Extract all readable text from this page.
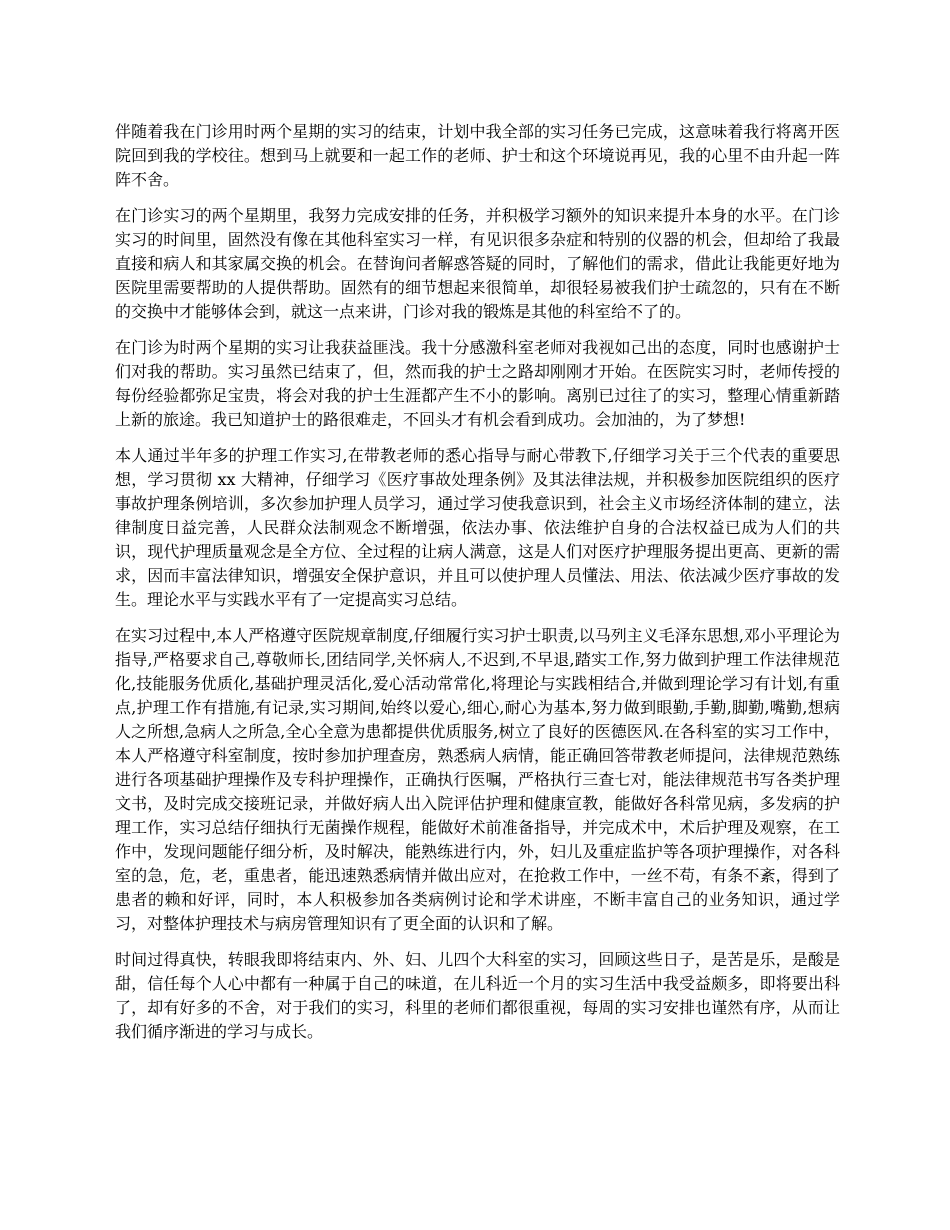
伴随着我在门诊用时两个星期的实习的结束，计划中我全部的实习任务已完成，这意味着我行将离开医院回到我的学校往。想到马上就要和一起工作的老师、护士和这个环境说再见，我的心里不由升起一阵阵不舍。

在门诊实习的两个星期里，我努力完成安排的任务，并积极学习额外的知识来提升本身的水平。在门诊实习的时间里，固然没有像在其他科室实习一样，有见识很多杂症和特别的仪器的机会，但却给了我最直接和病人和其家属交换的机会。在替询问者解惑答疑的同时，了解他们的需求，借此让我能更好地为医院里需要帮助的人提供帮助。固然有的细节想起来很简单，却很轻易被我们护士疏忽的，只有在不断的交换中才能够体会到，就这一点来讲，门诊对我的锻炼是其他的科室给不了的。

在门诊为时两个星期的实习让我获益匪浅。我十分感激科室老师对我视如己出的态度，同时也感谢护士们对我的帮助。实习虽然已结束了，但，然而我的护士之路却刚刚才开始。在医院实习时，老师传授的每份经验都弥足宝贵，将会对我的护士生涯都产生不小的影响。离别已过往了的实习，整理心情重新踏上新的旅途。我已知道护士的路很难走，不回头才有机会看到成功。会加油的，为了梦想!

本人通过半年多的护理工作实习,在带教老师的悉心指导与耐心带教下,仔细学习关于三个代表的重要思想，学习贯彻 xx 大精神，仔细学习《医疗事故处理条例》及其法律法规，并积极参加医院组织的医疗事故护理条例培训，多次参加护理人员学习，通过学习使我意识到，社会主义市场经济体制的建立，法律制度日益完善，人民群众法制观念不断增强，依法办事、依法维护自身的合法权益已成为人们的共识，现代护理质量观念是全方位、全过程的让病人满意，这是人们对医疗护理服务提出更高、更新的需求，因而丰富法律知识，增强安全保护意识，并且可以使护理人员懂法、用法、依法减少医疗事故的发生。理论水平与实践水平有了一定提高实习总结。

在实习过程中,本人严格遵守医院规章制度,仔细履行实习护士职责,以马列主义毛泽东思想,邓小平理论为指导,严格要求自己,尊敬师长,团结同学,关怀病人,不迟到,不早退,踏实工作,努力做到护理工作法律规范化,技能服务优质化,基础护理灵活化,爱心活动常常化,将理论与实践相结合,并做到理论学习有计划,有重点,护理工作有措施,有记录,实习期间,始终以爱心,细心,耐心为基本,努力做到眼勤,手勤,脚勤,嘴勤,想病人之所想,急病人之所急,全心全意为患都提供优质服务,树立了良好的医德医风.在各科室的实习工作中，本人严格遵守科室制度，按时参加护理查房，熟悉病人病情，能正确回答带教老师提问，法律规范熟练进行各项基础护理操作及专科护理操作，正确执行医嘱，严格执行三查七对，能法律规范书写各类护理文书，及时完成交接班记录，并做好病人出入院评估护理和健康宣教，能做好各科常见病，多发病的护理工作，实习总结仔细执行无菌操作规程，能做好术前准备指导，并完成术中，术后护理及观察，在工作中，发现问题能仔细分析，及时解决，能熟练进行内，外，妇儿及重症监护等各项护理操作，对各科室的急，危，老，重患者，能迅速熟悉病情并做出应对，在抢救工作中，一丝不苟，有条不紊，得到了患者的赖和好评，同时，本人积极参加各类病例讨论和学术讲座，不断丰富自己的业务知识，通过学习，对整体护理技术与病房管理知识有了更全面的认识和了解。

时间过得真快，转眼我即将结束内、外、妇、儿四个大科室的实习，回顾这些日子，是苦是乐，是酸是甜，信任每个人心中都有一种属于自己的味道，在儿科近一个月的实习生活中我受益颇多，即将要出科了，却有好多的不舍，对于我们的实习，科里的老师们都很重视，每周的实习安排也谨然有序，从而让我们循序渐进的学习与成长。
